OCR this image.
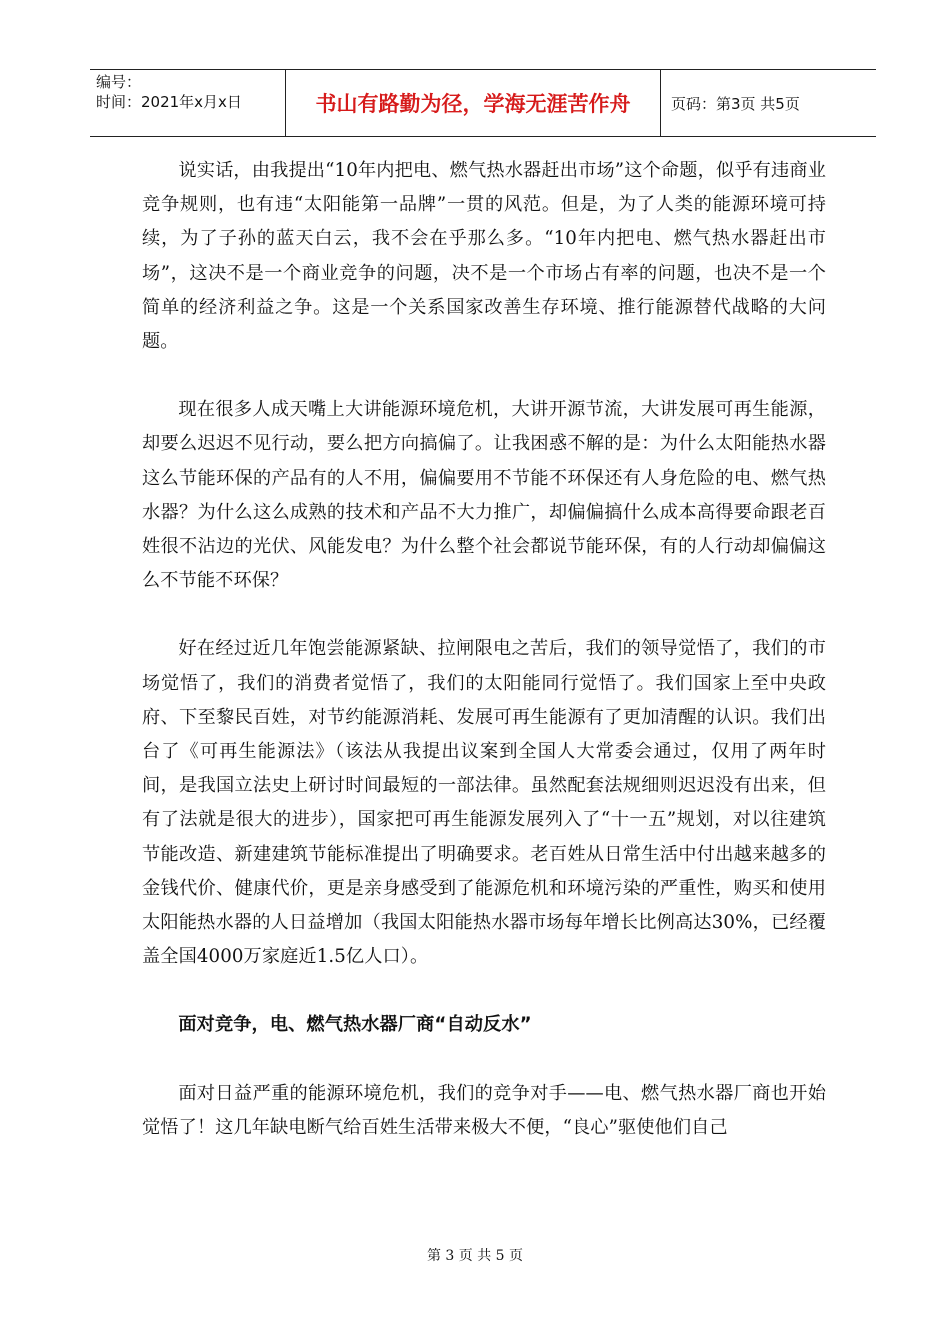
编号：
时间：2021年x月x日	书山有路勤为径，学海无涯苦作舟	页码：第3页 共5页

说实话，由我提出“10年内把电、燃气热水器赶出市场”这个命题，似乎有违商业竞争规则，也有违“太阳能第一品牌”一贯的风范。但是，为了人类的能源环境可持续，为了子孙的蓝天白云，我不会在乎那么多。“10年内把电、燃气热水器赶出市场”，这决不是一个商业竞争的问题，决不是一个市场占有率的问题，也决不是一个简单的经济利益之争。这是一个关系国家改善生存环境、推行能源替代战略的大问题。

现在很多人成天嘴上大讲能源环境危机，大讲开源节流，大讲发展可再生能源，却要么迟迟不见行动，要么把方向搞偏了。让我困惑不解的是：为什么太阳能热水器这么节能环保的产品有的人不用，偏偏要用不节能不环保还有人身危险的电、燃气热水器？为什么这么成熟的技术和产品不大力推广，却偏偏搞什么成本高得要命跟老百姓很不沾边的光伏、风能发电？为什么整个社会都说节能环保，有的人行动却偏偏这么不节能不环保？

好在经过近几年饱尝能源紧缺、拉闸限电之苦后，我们的领导觉悟了，我们的市场觉悟了，我们的消费者觉悟了，我们的太阳能同行觉悟了。我们国家上至中央政府、下至黎民百姓，对节约能源消耗、发展可再生能源有了更加清醒的认识。我们出台了《可再生能源法》（该法从我提出议案到全国人大常委会通过，仅用了两年时间，是我国立法史上研讨时间最短的一部法律。虽然配套法规细则迟迟没有出来，但有了法就是很大的进步），国家把可再生能源发展列入了“十一五”规划，对以往建筑节能改造、新建建筑节能标准提出了明确要求。老百姓从日常生活中付出越来越多的金钱代价、健康代价，更是亲身感受到了能源危机和环境污染的严重性，购买和使用太阳能热水器的人日益增加（我国太阳能热水器市场每年增长比例高达30%，已经覆盖全国4000万家庭近1.5亿人口）。

面对竞争，电、燃气热水器厂商“自动反水”

面对日益严重的能源环境危机，我们的竞争对手——电、燃气热水器厂商也开始觉悟了！这几年缺电断气给百姓生活带来极大不便，“良心”驱使他们自己

第 3 页 共 5 页
